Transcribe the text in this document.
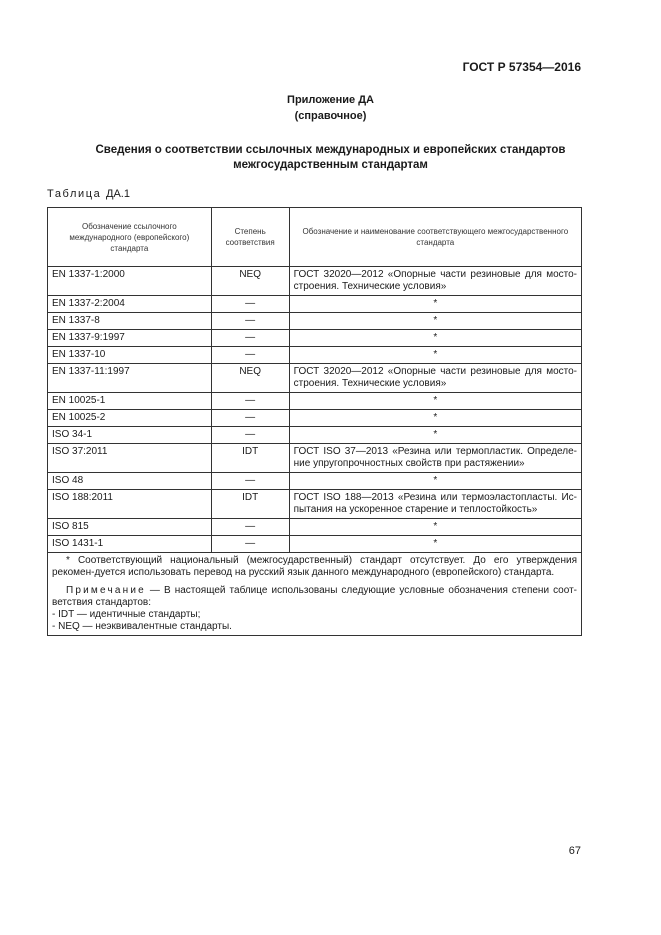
ГОСТ Р 57354—2016
Приложение ДА
(справочное)
Сведения о соответствии ссылочных международных и европейских стандартов
межгосударственным стандартам
Таблица ДА.1
Обозначение ссылочного международного (европейского) стандарта	Степень соответствия	Обозначение и наименование соответствующего межгосударственного стандарта
EN 1337-1:2000	NEQ	ГОСТ 32020—2012 «Опорные части резиновые для мосто-строения. Технические условия»
EN 1337-2:2004	—	*
EN 1337-8	—	*
EN 1337-9:1997	—	*
EN 1337-10	—	*
EN 1337-11:1997	NEQ	ГОСТ 32020—2012 «Опорные части резиновые для мосто-строения. Технические условия»
EN 10025-1	—	*
EN 10025-2	—	*
ISO 34-1	—	*
ISO 37:2011	IDT	ГОСТ ISO 37—2013 «Резина или термопластик. Определе-ние упругопрочностных свойств при растяжении»
ISO 48	—	*
ISO 188:2011	IDT	ГОСТ ISO 188—2013 «Резина или термоэластопласты. Ис-пытания на ускоренное старение и теплостойкость»
ISO 815	—	*
ISO 1431-1	—	*

* Соответствующий национальный (межгосударственный) стандарт отсутствует. До его утверждения рекомен-дуется использовать перевод на русский язык данного международного (европейского) стандарта.

Примечание — В настоящей таблице использованы следующие условные обозначения степени соот-ветствия стандартов:

- IDT — идентичные стандарты;

- NEQ — неэквивалентные стандарты.		

67
